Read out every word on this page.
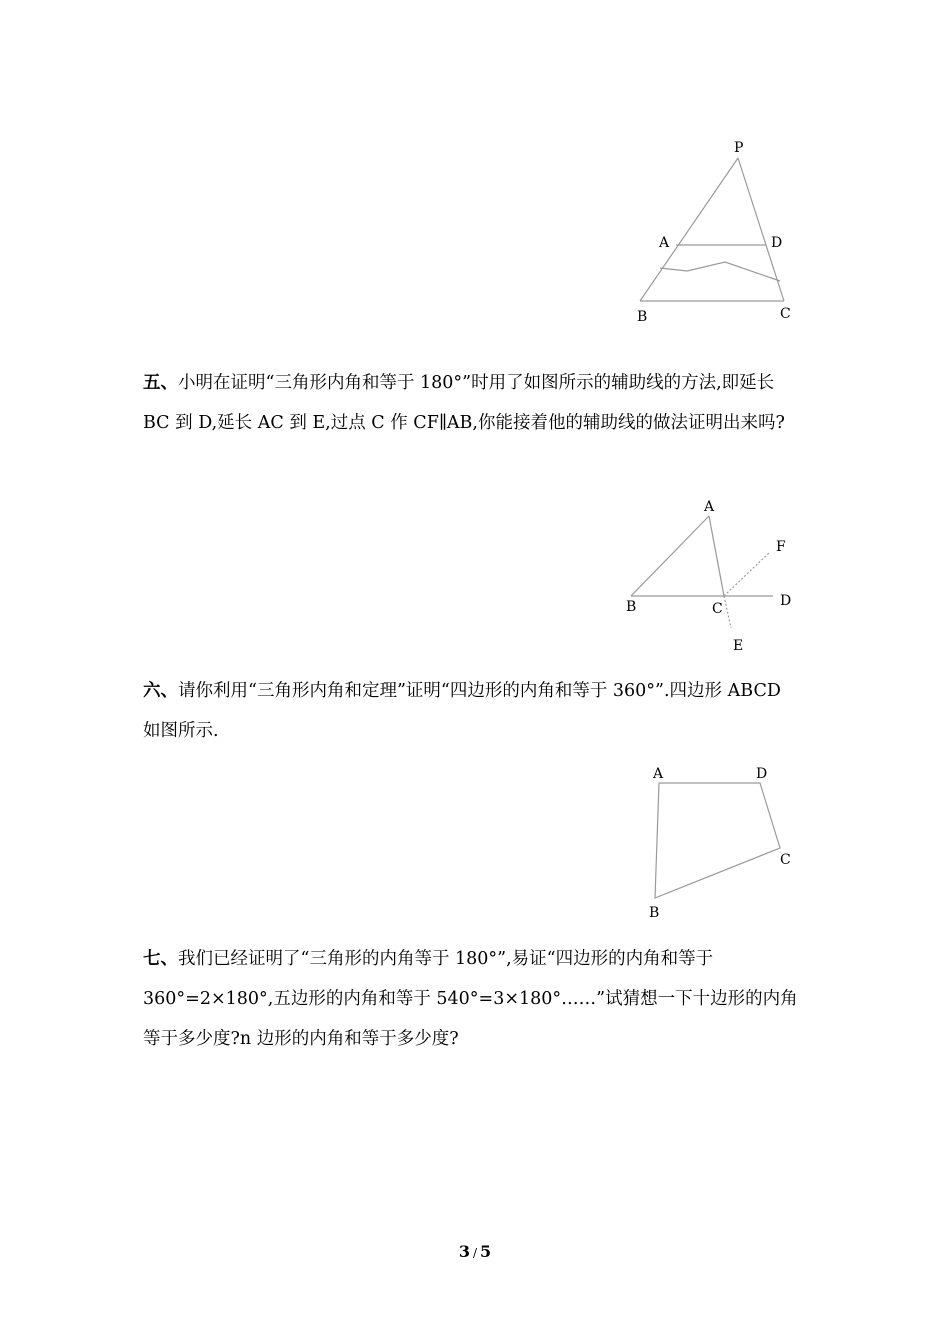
P
A	D
B	C

五、小明在证明“三角形内角和等于 180°”时用了如图所示的辅助线的方法,即延长 BC 到 D,延长 AC 到 E,过点 C 作 CF∥AB,你能接着他的辅助线的做法证明出来吗?

A
F
B	C	D
E

六、请你利用“三角形内角和定理”证明“四边形的内角和等于 360°”.四边形 ABCD 如图所示.

A	D
C
B

七、我们已经证明了“三角形的内角等于 180°”,易证“四边形的内角和等于 360°=2×180°,五边形的内角和等于 540°=3×180°……”试猜想一下十边形的内角等于多少度?n 边形的内角和等于多少度?

3 / 5
